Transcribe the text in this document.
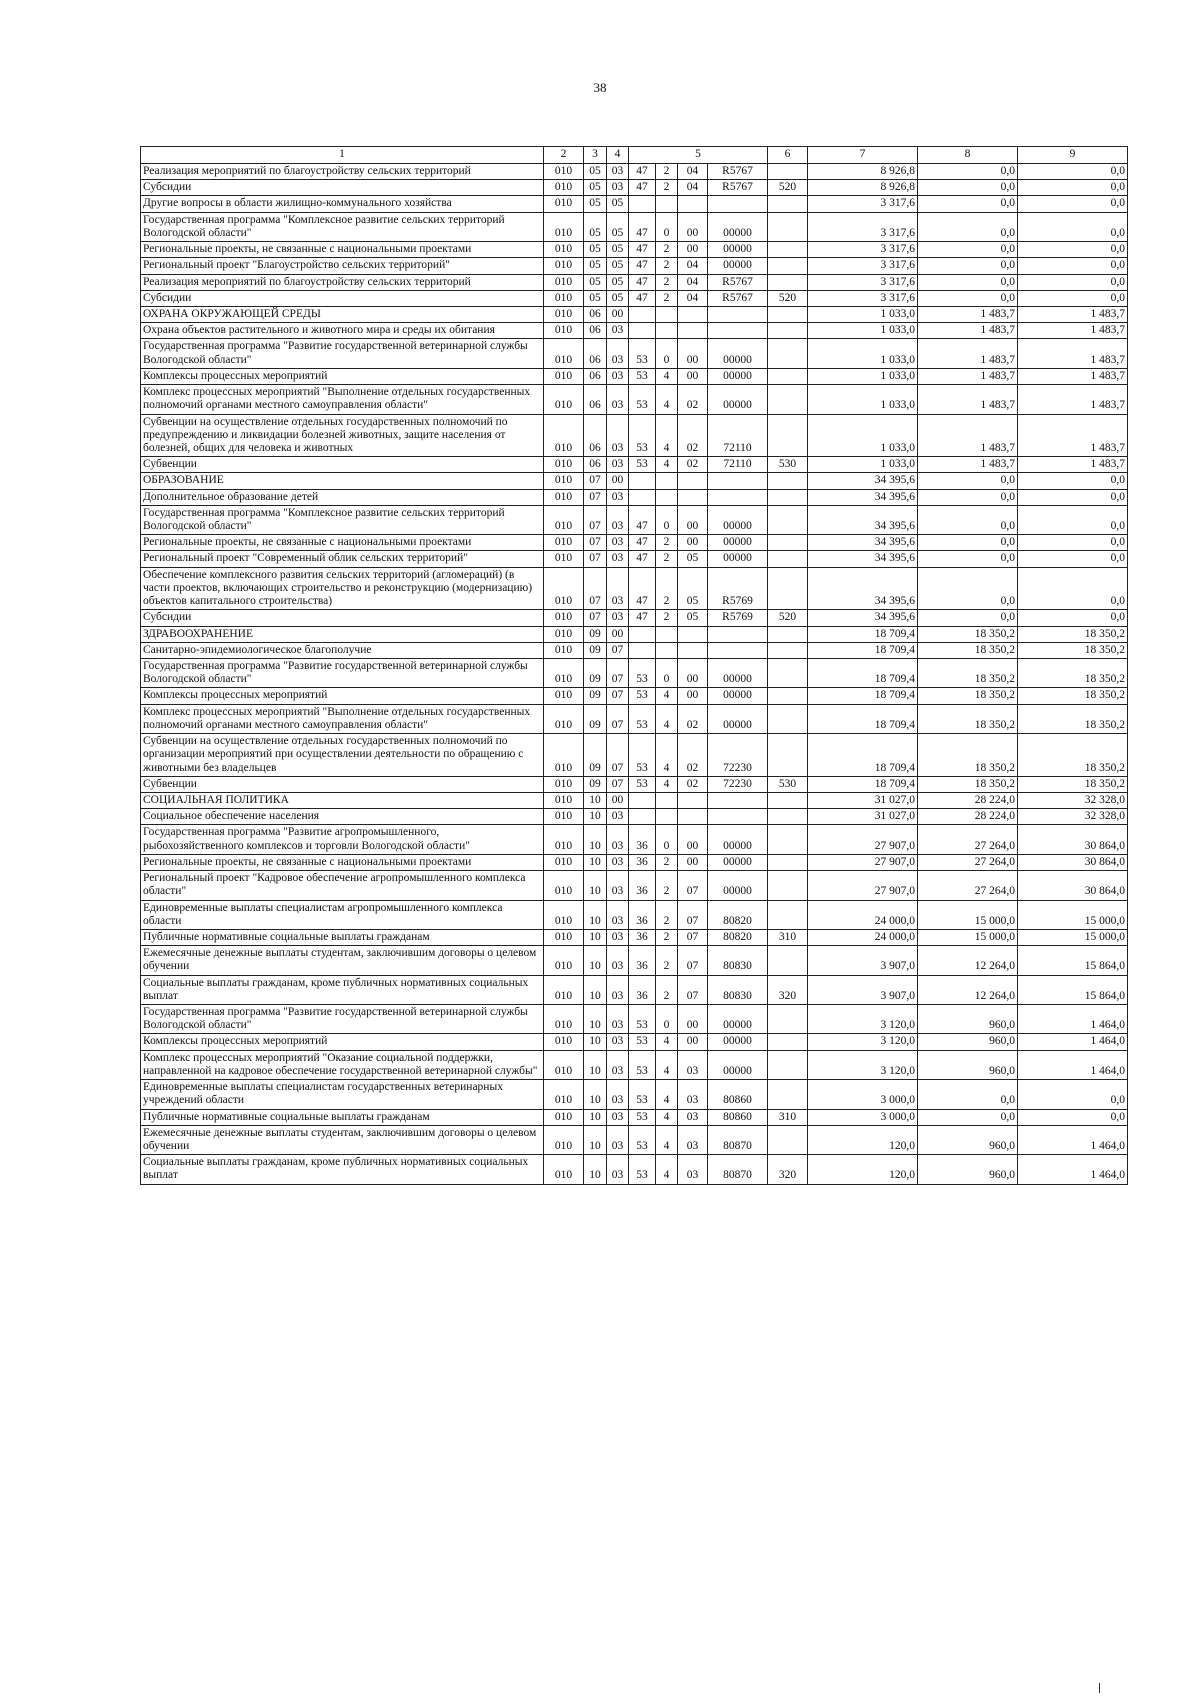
38
1	2	3	4	5				6	7	8	9
Реализация мероприятий по благоустройству сельских территорий	010	05	03	47	2	04	R5767		8 926,8	0,0	0,0
Субсидии	010	05	03	47	2	04	R5767	520	8 926,8	0,0	0,0
Другие вопросы в области жилищно-коммунального хозяйства	010	05	05						3 317,6	0,0	0,0
Государственная программа "Комплексное развитие сельских территорий Вологодской области"	010	05	05	47	0	00	00000		3 317,6	0,0	0,0
Региональные проекты, не связанные с национальными проектами	010	05	05	47	2	00	00000		3 317,6	0,0	0,0
Региональный проект "Благоустройство сельских территорий"	010	05	05	47	2	04	00000		3 317,6	0,0	0,0
Реализация мероприятий по благоустройству сельских территорий	010	05	05	47	2	04	R5767		3 317,6	0,0	0,0
Субсидии	010	05	05	47	2	04	R5767	520	3 317,6	0,0	0,0
ОХРАНА ОКРУЖАЮЩЕЙ СРЕДЫ	010	06	00						1 033,0	1 483,7	1 483,7
Охрана объектов растительного и животного мира и среды их обитания	010	06	03						1 033,0	1 483,7	1 483,7
Государственная программа "Развитие государственной ветеринарной службы Вологодской области"	010	06	03	53	0	00	00000		1 033,0	1 483,7	1 483,7
Комплексы процессных мероприятий	010	06	03	53	4	00	00000		1 033,0	1 483,7	1 483,7
Комплекс процессных мероприятий "Выполнение отдельных государственных полномочий органами местного самоуправления области"	010	06	03	53	4	02	00000		1 033,0	1 483,7	1 483,7
Субвенции на осуществление отдельных государственных полномочий по предупреждению и ликвидации болезней животных, защите населения от болезней, общих для человека и животных	010	06	03	53	4	02	72110		1 033,0	1 483,7	1 483,7
Субвенции	010	06	03	53	4	02	72110	530	1 033,0	1 483,7	1 483,7
ОБРАЗОВАНИЕ	010	07	00						34 395,6	0,0	0,0
Дополнительное образование детей	010	07	03						34 395,6	0,0	0,0
Государственная программа "Комплексное развитие сельских территорий Вологодской области"	010	07	03	47	0	00	00000		34 395,6	0,0	0,0
Региональные проекты, не связанные с национальными проектами	010	07	03	47	2	00	00000		34 395,6	0,0	0,0
Региональный проект "Современный облик сельских территорий"	010	07	03	47	2	05	00000		34 395,6	0,0	0,0
Обеспечение комплексного развития сельских территорий (агломераций) (в части проектов, включающих строительство и реконструкцию (модернизацию) объектов капитального строительства)	010	07	03	47	2	05	R5769		34 395,6	0,0	0,0
Субсидии	010	07	03	47	2	05	R5769	520	34 395,6	0,0	0,0
ЗДРАВООХРАНЕНИЕ	010	09	00						18 709,4	18 350,2	18 350,2
Санитарно-эпидемиологическое благополучие	010	09	07						18 709,4	18 350,2	18 350,2
Государственная программа "Развитие государственной ветеринарной службы Вологодской области"	010	09	07	53	0	00	00000		18 709,4	18 350,2	18 350,2
Комплексы процессных мероприятий	010	09	07	53	4	00	00000		18 709,4	18 350,2	18 350,2
Комплекс процессных мероприятий "Выполнение отдельных государственных полномочий органами местного самоуправления области"	010	09	07	53	4	02	00000		18 709,4	18 350,2	18 350,2
Субвенции на осуществление отдельных государственных полномочий по организации мероприятий при осуществлении деятельности по обращению с животными без владельцев	010	09	07	53	4	02	72230		18 709,4	18 350,2	18 350,2
Субвенции	010	09	07	53	4	02	72230	530	18 709,4	18 350,2	18 350,2
СОЦИАЛЬНАЯ ПОЛИТИКА	010	10	00						31 027,0	28 224,0	32 328,0
Социальное обеспечение населения	010	10	03						31 027,0	28 224,0	32 328,0
Государственная программа "Развитие агропромышленного, рыбохозяйственного комплексов и торговли Вологодской области"	010	10	03	36	0	00	00000		27 907,0	27 264,0	30 864,0
Региональные проекты, не связанные с национальными проектами	010	10	03	36	2	00	00000		27 907,0	27 264,0	30 864,0
Региональный проект "Кадровое обеспечение агропромышленного комплекса области"	010	10	03	36	2	07	00000		27 907,0	27 264,0	30 864,0
Единовременные выплаты специалистам агропромышленного комплекса области	010	10	03	36	2	07	80820		24 000,0	15 000,0	15 000,0
Публичные нормативные социальные выплаты гражданам	010	10	03	36	2	07	80820	310	24 000,0	15 000,0	15 000,0
Ежемесячные денежные выплаты студентам, заключившим договоры о целевом обучении	010	10	03	36	2	07	80830		3 907,0	12 264,0	15 864,0
Социальные выплаты гражданам, кроме публичных нормативных социальных выплат	010	10	03	36	2	07	80830	320	3 907,0	12 264,0	15 864,0
Государственная программа "Развитие государственной ветеринарной службы Вологодской области"	010	10	03	53	0	00	00000		3 120,0	960,0	1 464,0
Комплексы процессных мероприятий	010	10	03	53	4	00	00000		3 120,0	960,0	1 464,0
Комплекс процессных мероприятий "Оказание социальной поддержки, направленной на кадровое обеспечение государственной ветеринарной службы"	010	10	03	53	4	03	00000		3 120,0	960,0	1 464,0
Единовременные выплаты специалистам государственных ветеринарных учреждений области	010	10	03	53	4	03	80860		3 000,0	0,0	0,0
Публичные нормативные социальные выплаты гражданам	010	10	03	53	4	03	80860	310	3 000,0	0,0	0,0
Ежемесячные денежные выплаты студентам, заключившим договоры о целевом обучении	010	10	03	53	4	03	80870		120,0	960,0	1 464,0
Социальные выплаты гражданам, кроме публичных нормативных социальных выплат	010	10	03	53	4	03	80870	320	120,0	960,0	1 464,0
